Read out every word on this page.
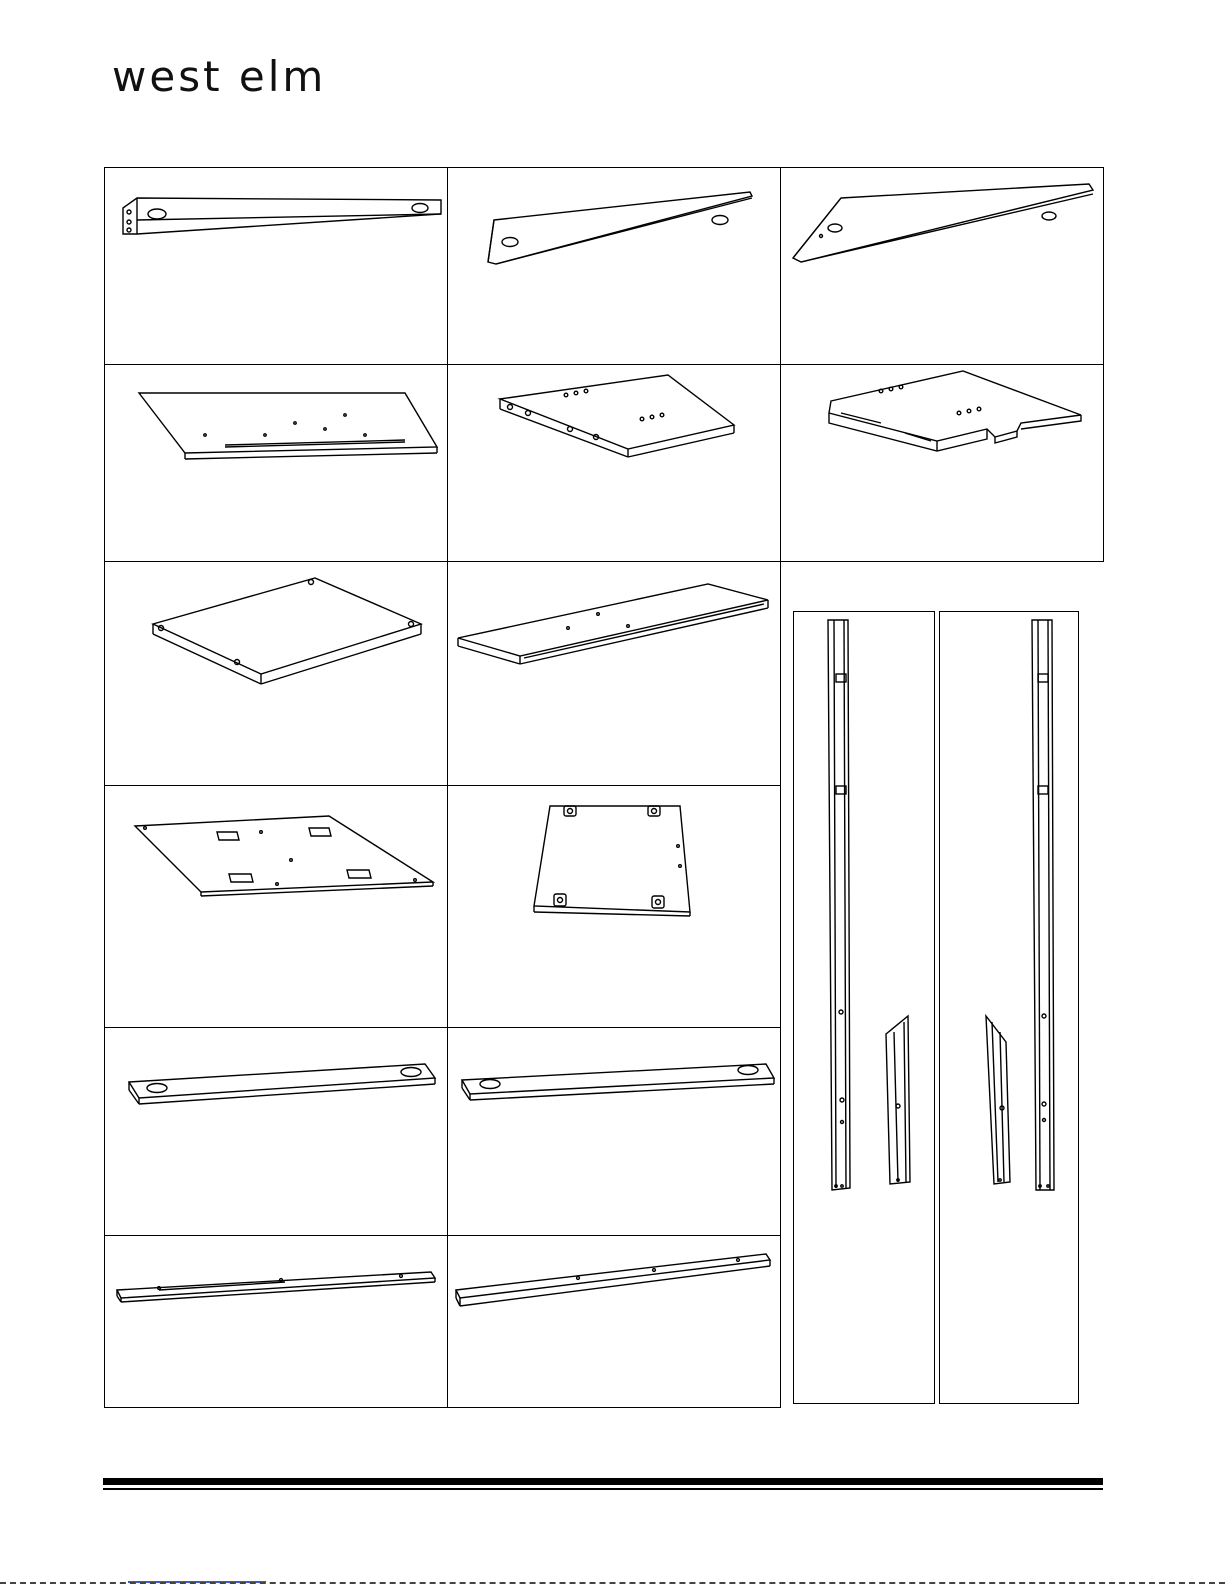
west elm
